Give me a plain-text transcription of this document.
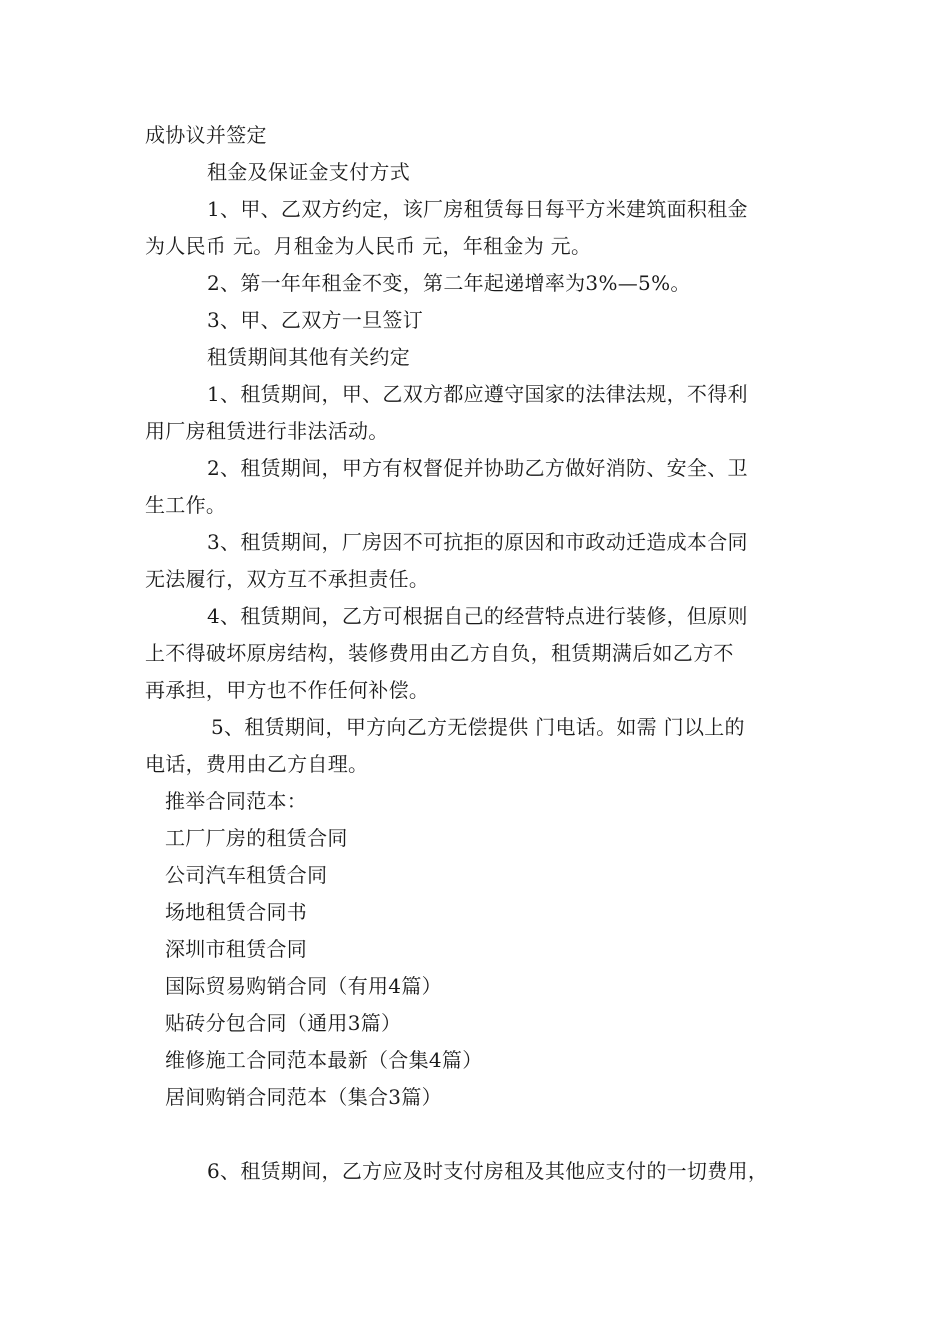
成协议并签定
租金及保证金支付方式
1、甲、乙双方约定，该厂房租赁每日每平方米建筑面积租金
为人民币 元。月租金为人民币 元，年租金为 元。
2、第一年年租金不变，第二年起递增率为3%—5%。
3、甲、乙双方一旦签订
租赁期间其他有关约定
1、租赁期间，甲、乙双方都应遵守国家的法律法规，不得利
用厂房租赁进行非法活动。
2、租赁期间，甲方有权督促并协助乙方做好消防、安全、卫
生工作。
3、租赁期间，厂房因不可抗拒的原因和市政动迁造成本合同
无法履行，双方互不承担责任。
4、租赁期间，乙方可根据自己的经营特点进行装修，但原则
上不得破坏原房结构，装修费用由乙方自负，租赁期满后如乙方不
再承担，甲方也不作任何补偿。
5、租赁期间，甲方向乙方无偿提供 门电话。如需 门以上的
电话，费用由乙方自理。
推举合同范本：
工厂厂房的租赁合同
公司汽车租赁合同
场地租赁合同书
深圳市租赁合同
国际贸易购销合同（有用4篇）
贴砖分包合同（通用3篇）
维修施工合同范本最新（合集4篇）
居间购销合同范本（集合3篇）
6、租赁期间，乙方应及时支付房租及其他应支付的一切费用，
